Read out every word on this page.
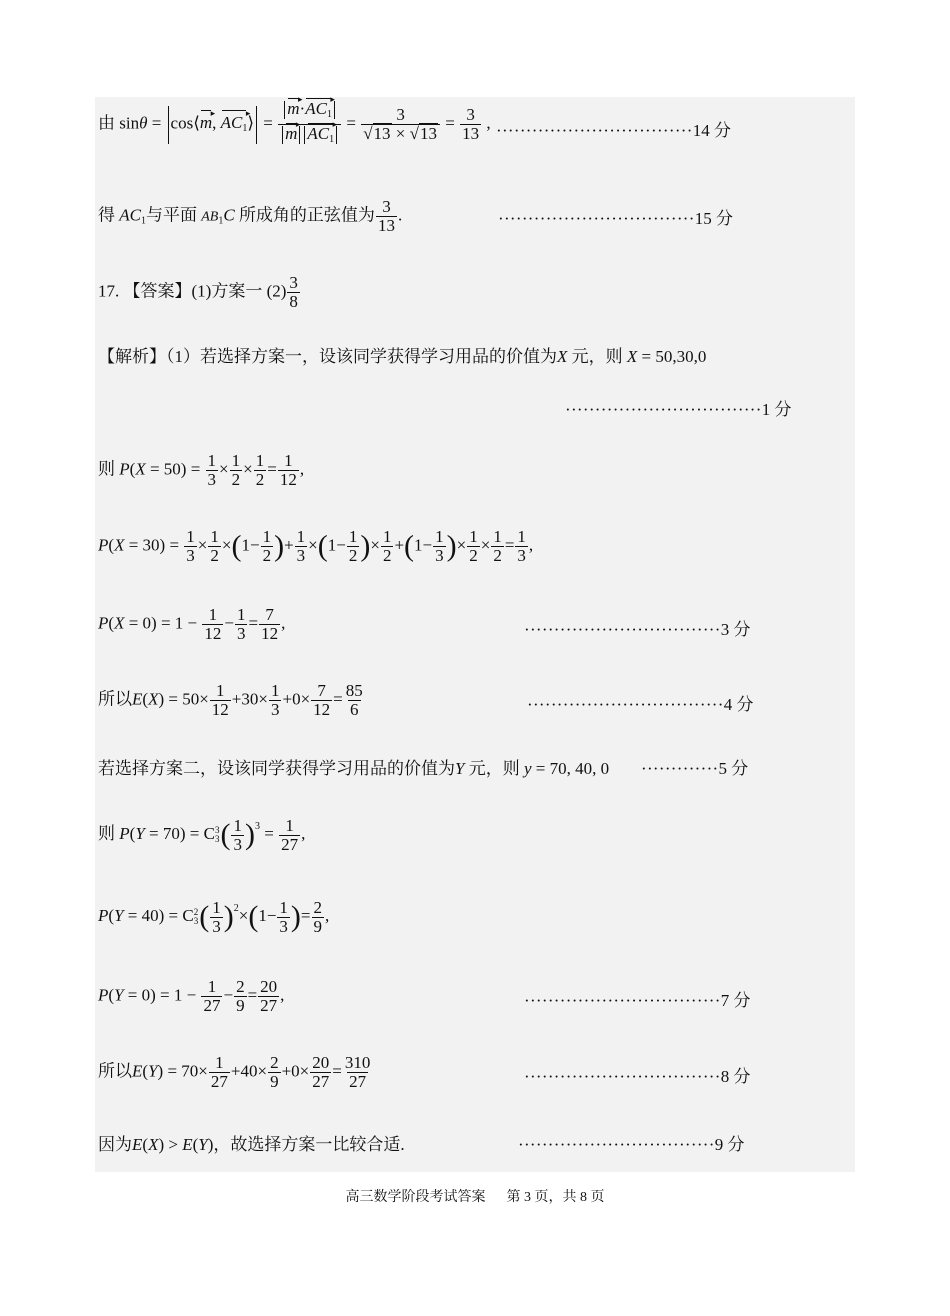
由 sinθ = cos⟨m ▸, $AC_1$ ▸⟩ = $\frac{m ▸\cdot AC_1 ▸}{m ▸ AC_1}$ ▸ = $\frac{3}{√13 \times √13} = \frac{3}{13}$ , ·································14 分
得 $AC_1$与平面 $AB_1C$ 所成角的正弦值为 $\frac{3}{13}$ .	·································15 分
17. 【答案】(1)方案一 $(2) \frac{3}{8}$
【解析】（1）若选择方案一，设该同学获得学习用品的价值为X 元，则 X = 50,30,0
·································1 分
则 $P(X = 50) = \frac{1}{3} \times \frac{1}{2} \times \frac{1}{2} = \frac{1}{12}$ ,
$P(X = 30) = \frac{1}{3} \times \frac{1}{2} \times(1- \frac{1}{2}$ )+ $\frac{1}{3} \times(1- \frac{1}{2}$ )× $\frac{1}{2} +(1- \frac{1}{3}$ )× $\frac{1}{2} \times \frac{1}{2} = \frac{1}{3}$ ,
$P(X = 0) = 1 - \frac{1}{12} - \frac{1}{3} = \frac{7}{12}$ ,	·································3 分
所以$E(X) = 50\times \frac{1}{12} +30\times \frac{1}{3} +0\times \frac{7}{12} = \frac{85}{6}$	·································4 分
若选择方案二，设该同学获得学习用品的价值为Y 元，则 y = 70, 40, 0 ·············5 分
则 P(Y = 70) = C 3
3 ( $\frac{1}{3} )^3 = \frac{1}{27}$ ,
P(Y = 40) = C 2
3 ( $\frac{1}{3} )^2\times(1- \frac{1}{3}$ )= $\frac{2}{9}$ ,
$P(Y = 0) = 1 - \frac{1}{27} - \frac{2}{9} = \frac{20}{27}$ ,	·································7 分
所以$E(Y) = 70\times \frac{1}{27} +40\times \frac{2}{9} +0\times \frac{20}{27} = \frac{310}{27}$	·································8 分
因为E(X) > E(Y)，故选择方案一比较合适.	·································9 分
高三数学阶段考试答案 第 3 页，共 8 页
